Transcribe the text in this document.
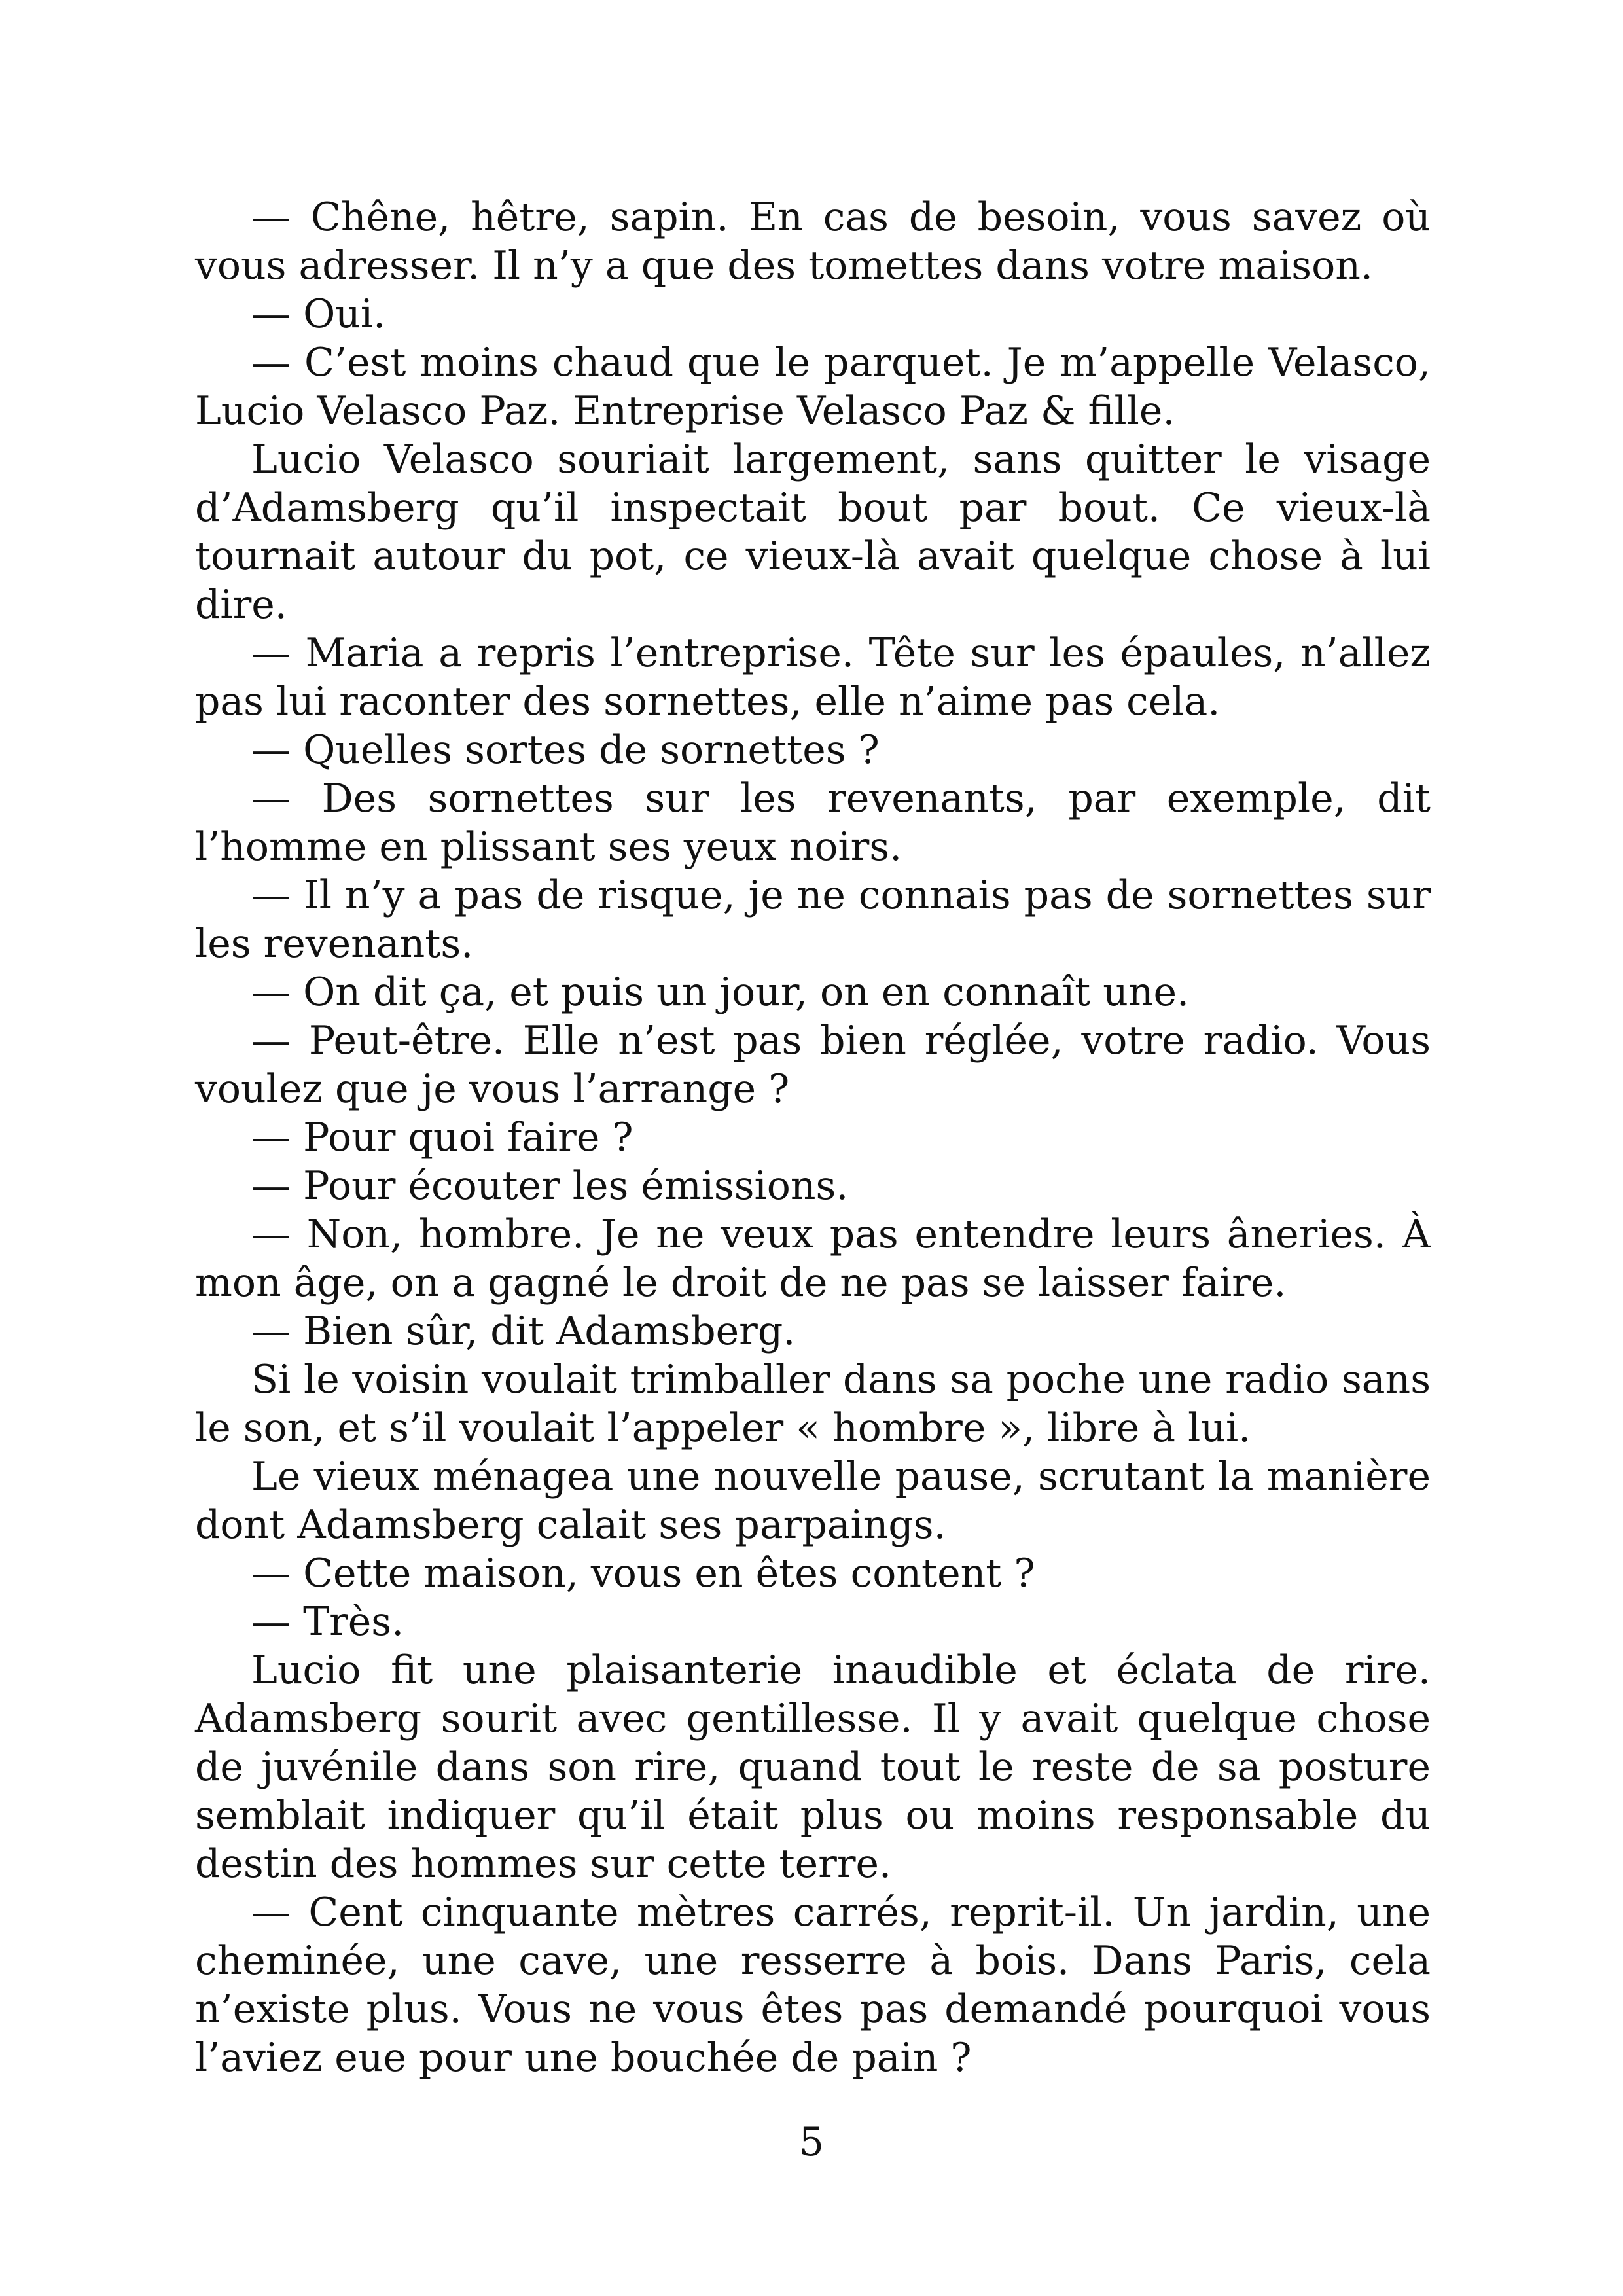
— Chêne, hêtre, sapin. En cas de besoin, vous savez où vous adresser. Il n’y a que des tomettes dans votre maison.

— Oui.

— C’est moins chaud que le parquet. Je m’appelle Velasco, Lucio Velasco Paz. Entreprise Velasco Paz & fille.

Lucio Velasco souriait largement, sans quitter le visage d’Adamsberg qu’il inspectait bout par bout. Ce vieux-là tournait autour du pot, ce vieux-là avait quelque chose à lui dire.

— Maria a repris l’entreprise. Tête sur les épaules, n’allez pas lui raconter des sornettes, elle n’aime pas cela.

— Quelles sortes de sornettes ?

— Des sornettes sur les revenants, par exemple, dit l’homme en plissant ses yeux noirs.

— Il n’y a pas de risque, je ne connais pas de sornettes sur les revenants.

— On dit ça, et puis un jour, on en connaît une.

— Peut-être. Elle n’est pas bien réglée, votre radio. Vous voulez que je vous l’arrange ?

— Pour quoi faire ?

— Pour écouter les émissions.

— Non, hombre. Je ne veux pas entendre leurs âneries. À mon âge, on a gagné le droit de ne pas se laisser faire.

— Bien sûr, dit Adamsberg.

Si le voisin voulait trimballer dans sa poche une radio sans le son, et s’il voulait l’appeler « hombre », libre à lui.

Le vieux ménagea une nouvelle pause, scrutant la manière dont Adamsberg calait ses parpaings.

— Cette maison, vous en êtes content ?

— Très.

Lucio fit une plaisanterie inaudible et éclata de rire. Adamsberg sourit avec gentillesse. Il y avait quelque chose de juvénile dans son rire, quand tout le reste de sa posture semblait indiquer qu’il était plus ou moins responsable du destin des hommes sur cette terre.

— Cent cinquante mètres carrés, reprit-il. Un jardin, une cheminée, une cave, une resserre à bois. Dans Paris, cela n’existe plus. Vous ne vous êtes pas demandé pourquoi vous l’aviez eue pour une bouchée de pain ?

5
